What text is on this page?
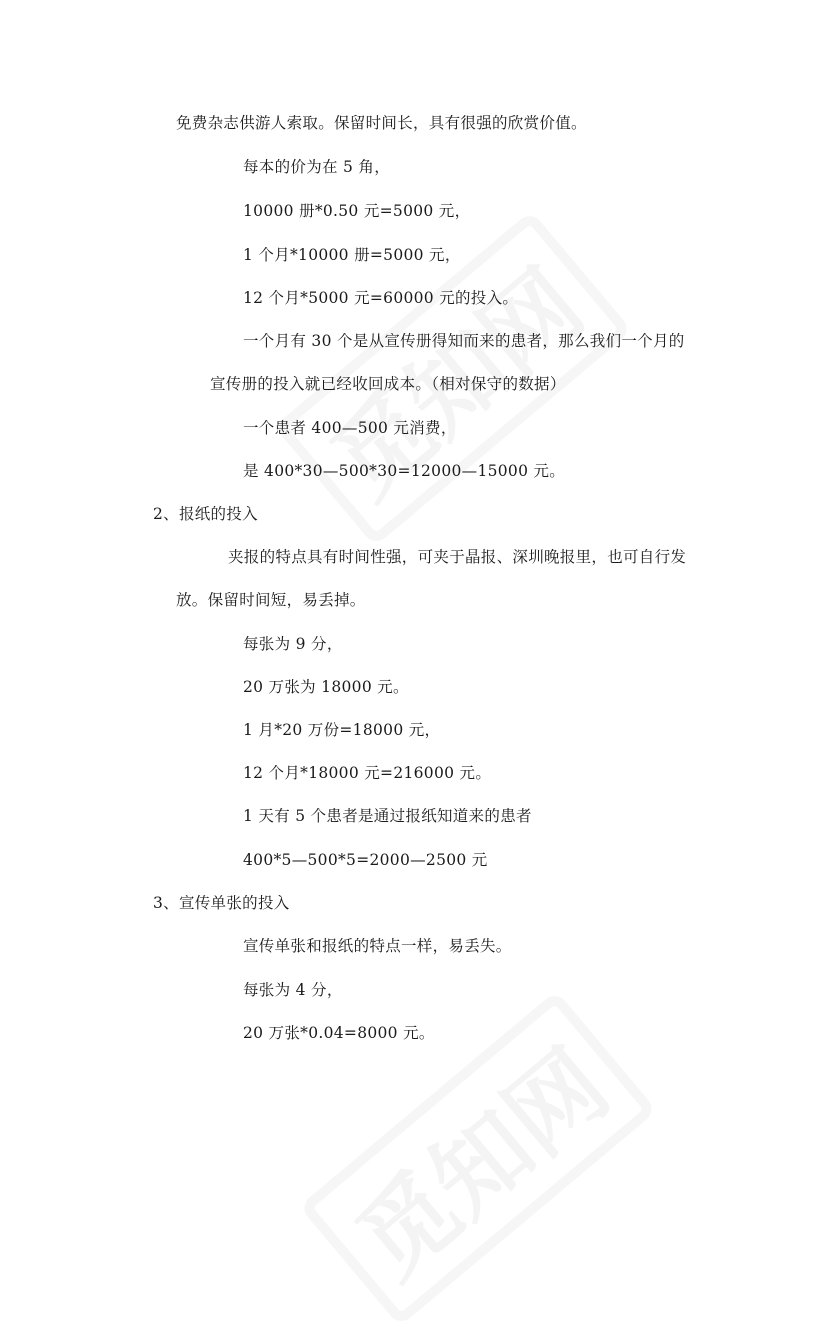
免费杂志供游人索取。保留时间长，具有很强的欣赏价值。
每本的价为在 5 角，
10000 册*0.50 元=5000 元，
1 个月*10000 册=5000 元，
12 个月*5000 元=60000 元的投入。
一个月有 30 个是从宣传册得知而来的患者，那么我们一个月的
宣传册的投入就已经收回成本。（相对保守的数据）
一个患者 400—500 元消费，
是 400*30—500*30=12000—15000 元。
2、报纸的投入
夹报的特点具有时间性强，可夹于晶报、深圳晚报里，也可自行发
放。保留时间短，易丢掉。
每张为 9 分，
20 万张为 18000 元。
1 月*20 万份=18000 元，
12 个月*18000 元=216000 元。
1 天有 5 个患者是通过报纸知道来的患者
400*5—500*5=2000—2500 元
3、宣传单张的投入
宣传单张和报纸的特点一样，易丢失。
每张为 4 分，
20 万张*0.04=8000 元。
